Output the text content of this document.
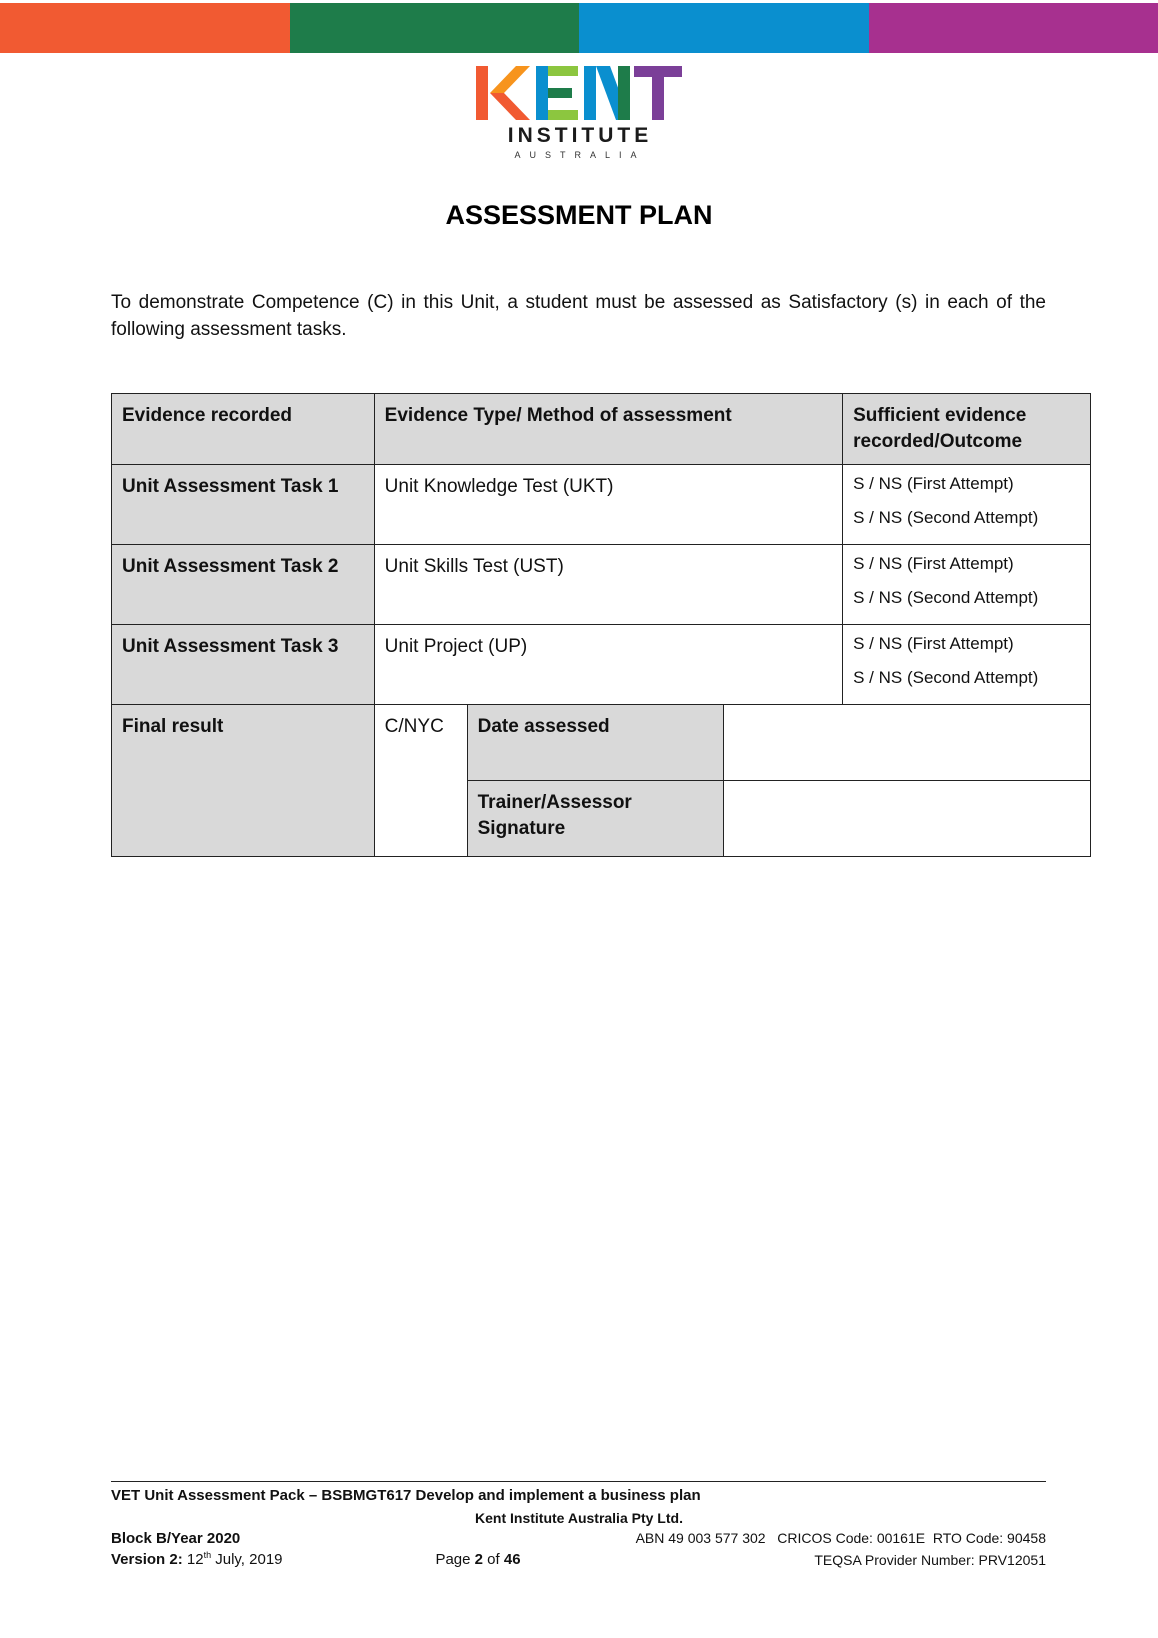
INSTITUTE
AUSTRALIA
ASSESSMENT PLAN

To demonstrate Competence (C) in this Unit, a student must be assessed as Satisfactory (s) in each of the following assessment tasks.

Evidence recorded	Evidence Type/ Method of assessment			Sufficient evidence recorded/Outcome
Unit Assessment Task 1	Unit Knowledge Test (UKT)			S / NS (First Attempt)
S / NS (Second Attempt)

Unit Assessment Task 2	Unit Skills Test (UST)			S / NS (First Attempt)
S / NS (Second Attempt)

Unit Assessment Task 3	Unit Project (UP)			S / NS (First Attempt)
S / NS (Second Attempt)

Final result	C/NYC	Date assessed		
		Trainer/Assessor Signature		
VET Unit Assessment Pack – BSBMGT617 Develop and implement a business plan
Kent Institute Australia Pty Ltd.
Block B/Year 2020	ABN 49 003 577 302   CRICOS Code: 00161E  RTO Code: 90458
Version 2: 12th July, 2019	Page 2 of 46	TEQSA Provider Number: PRV12051
